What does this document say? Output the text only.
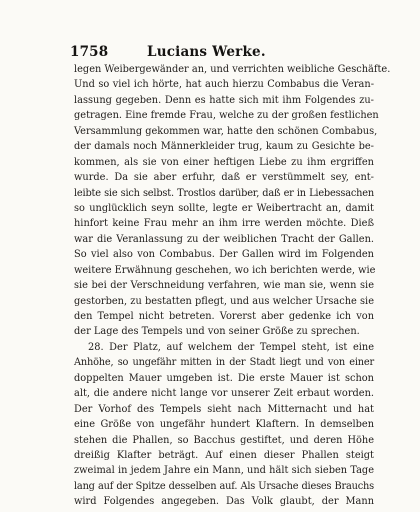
1758	Lucians Werke.
legen Weibergewänder an, und verrichten weibliche Geschäfte.
Und so viel ich hörte, hat auch hierzu Combabus die Veran-
lassung gegeben. Denn es hatte sich mit ihm Folgendes zu-
getragen. Eine fremde Frau, welche zu der großen festlichen
Versammlung gekommen war, hatte den schönen Combabus,
der damals noch Männerkleider trug, kaum zu Gesichte be-
kommen, als sie von einer heftigen Liebe zu ihm ergriffen
wurde. Da sie aber erfuhr, daß er verstümmelt sey, ent-
leibte sie sich selbst. Trostlos darüber, daß er in Liebessachen
so unglücklich seyn sollte, legte er Weibertracht an, damit
hinfort keine Frau mehr an ihm irre werden möchte. Dieß
war die Veranlassung zu der weiblichen Tracht der Gallen.
So viel also von Combabus. Der Gallen wird im Folgenden
weitere Erwähnung geschehen, wo ich berichten werde, wie
sie bei der Verschneidung verfahren, wie man sie, wenn sie
gestorben, zu bestatten pflegt, und aus welcher Ursache sie
den Tempel nicht betreten. Vorerst aber gedenke ich von
der Lage des Tempels und von seiner Größe zu sprechen.
28. Der Platz, auf welchem der Tempel steht, ist eine
Anhöhe, so ungefähr mitten in der Stadt liegt und von einer
doppelten Mauer umgeben ist. Die erste Mauer ist schon
alt, die andere nicht lange vor unserer Zeit erbaut worden.
Der Vorhof des Tempels sieht nach Mitternacht und hat
eine Größe von ungefähr hundert Klaftern. In demselben
stehen die Phallen, so Bacchus gestiftet, und deren Höhe
dreißig Klafter beträgt. Auf einen dieser Phallen steigt
zweimal in jedem Jahre ein Mann, und hält sich sieben Tage
lang auf der Spitze desselben auf. Als Ursache dieses Brauchs
wird Folgendes angegeben. Das Volk glaubt, der Mann
